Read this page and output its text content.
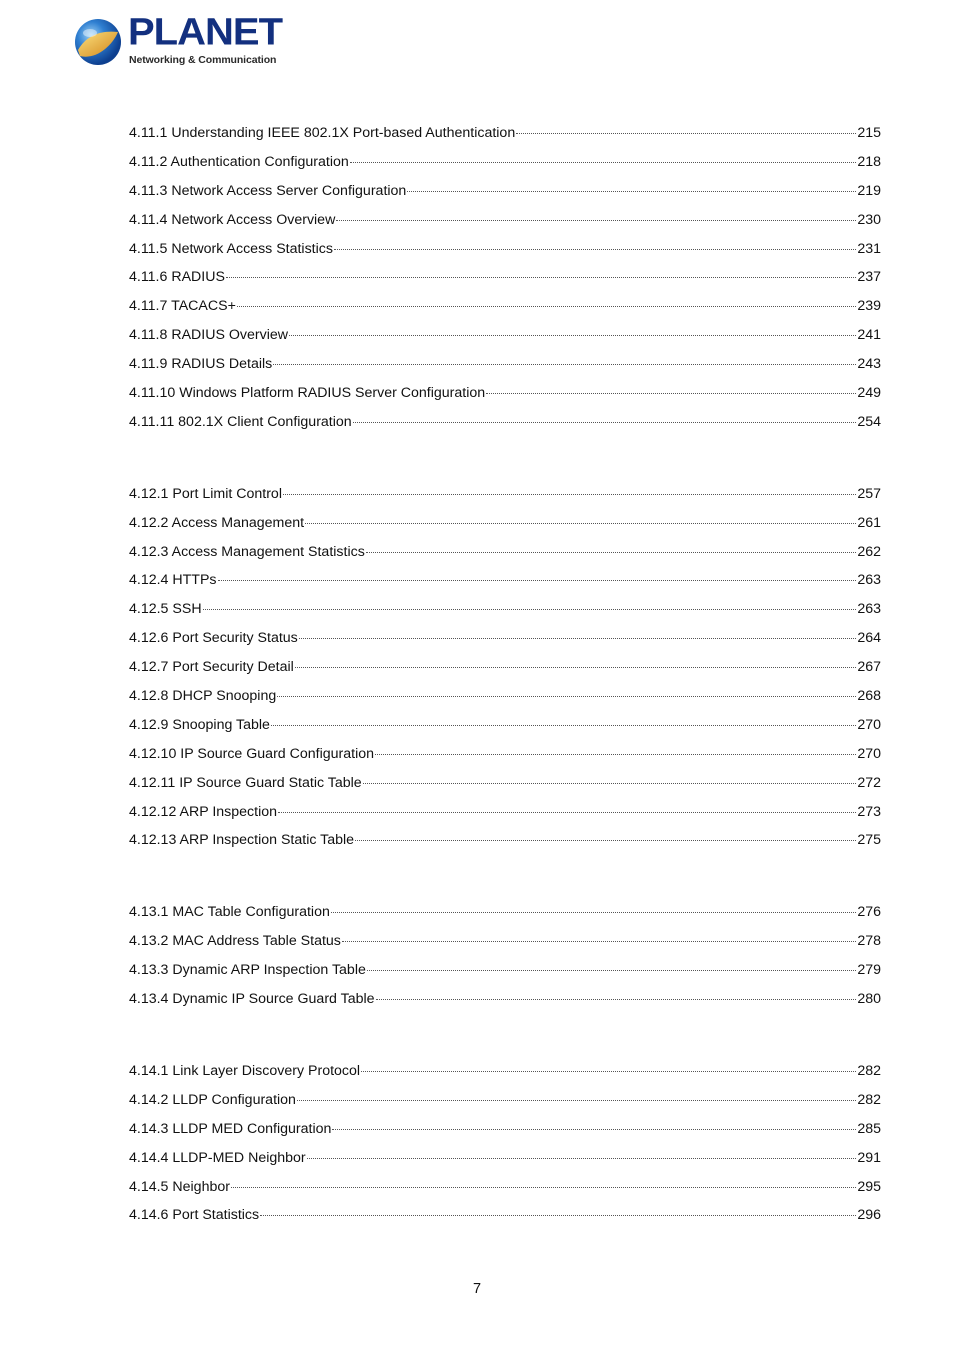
PLANET
Networking & Communication
4.11.1 Understanding IEEE 802.1X Port-based Authentication	215
4.11.2 Authentication Configuration	218
4.11.3 Network Access Server Configuration	219
4.11.4 Network Access Overview	230
4.11.5 Network Access Statistics	231
4.11.6 RADIUS	237
4.11.7 TACACS+	239
4.11.8 RADIUS Overview	241
4.11.9 RADIUS Details	243
4.11.10 Windows Platform RADIUS Server Configuration	249
4.11.11 802.1X Client Configuration	254
4.12.1 Port Limit Control	257
4.12.2 Access Management	261
4.12.3 Access Management Statistics	262
4.12.4 HTTPs	263
4.12.5 SSH	263
4.12.6 Port Security Status	264
4.12.7 Port Security Detail	267
4.12.8 DHCP Snooping	268
4.12.9 Snooping Table	270
4.12.10 IP Source Guard Configuration	270
4.12.11 IP Source Guard Static Table	272
4.12.12 ARP Inspection	273
4.12.13 ARP Inspection Static Table	275
4.13.1 MAC Table Configuration	276
4.13.2 MAC Address Table Status	278
4.13.3 Dynamic ARP Inspection Table	279
4.13.4 Dynamic IP Source Guard Table	280
4.14.1 Link Layer Discovery Protocol	282
4.14.2 LLDP Configuration	282
4.14.3 LLDP MED Configuration	285
4.14.4 LLDP-MED Neighbor	291
4.14.5 Neighbor	295
4.14.6 Port Statistics	296
7
